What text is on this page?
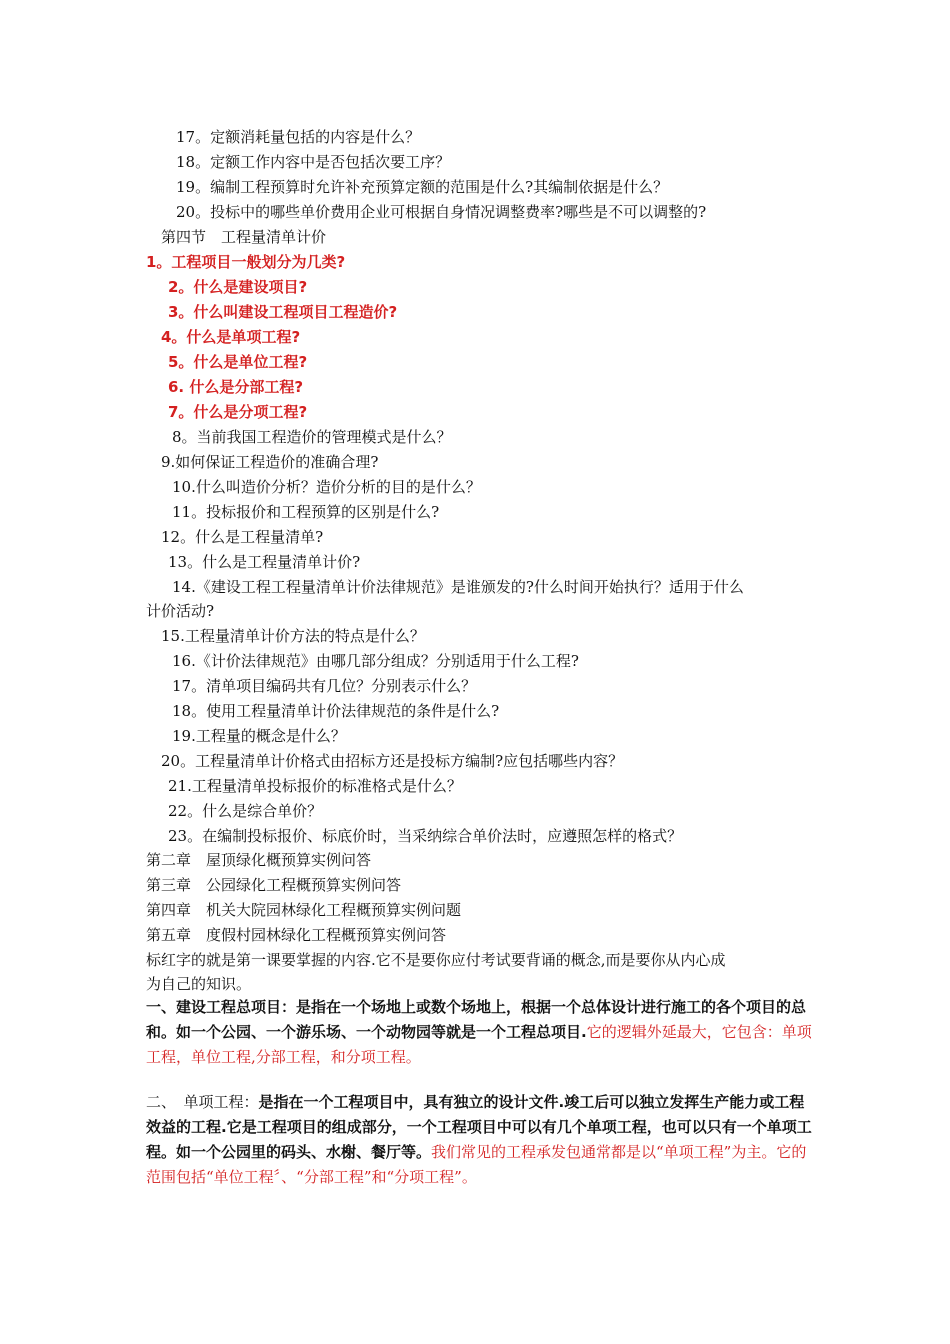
17。定额消耗量包括的内容是什么？
18。定额工作内容中是否包括次要工序？
19。编制工程预算时允许补充预算定额的范围是什么?其编制依据是什么？
20。投标中的哪些单价费用企业可根据自身情况调整费率?哪些是不可以调整的?
第四节　工程量清单计价
1。工程项目一般划分为几类?
2。什么是建设项目?
3。什么叫建设工程项目工程造价?
4。什么是单项工程?
5。什么是单位工程?
6. 什么是分部工程?
7。什么是分项工程?
8。当前我国工程造价的管理模式是什么？
9.如何保证工程造价的准确合理?
10.什么叫造价分析？造价分析的目的是什么？
11。投标报价和工程预算的区别是什么?
12。什么是工程量清单?
13。什么是工程量清单计价?
14.《建设工程工程量清单计价法律规范》是谁颁发的?什么时间开始执行？适用于什么
计价活动?
15.工程量清单计价方法的特点是什么？
16.《计价法律规范》由哪几部分组成？分别适用于什么工程?
17。清单项目编码共有几位？分别表示什么？
18。使用工程量清单计价法律规范的条件是什么?
19.工程量的概念是什么？
20。工程量清单计价格式由招标方还是投标方编制?应包括哪些内容？
21.工程量清单投标报价的标准格式是什么？
22。什么是综合单价？
23。在编制投标报价、标底价时，当采纳综合单价法时，应遵照怎样的格式？
第二章　屋顶绿化概预算实例问答
第三章　公园绿化工程概预算实例问答
第四章　机关大院园林绿化工程概预算实例问题
第五章　度假村园林绿化工程概预算实例问答
标红字的就是第一课要掌握的内容.它不是要你应付考试要背诵的概念,而是要你从内心成
为自己的知识。
一、建设工程总项目：是指在一个场地上或数个场地上，根据一个总体设计进行施工的各个项目的总和。如一个公园、一个游乐场、一个动物园等就是一个工程总项目.它的逻辑外延最大，它包含：单项工程，单位工程,分部工程，和分项工程。
二、　单项工程：是指在一个工程项目中，具有独立的设计文件.竣工后可以独立发挥生产能力或工程效益的工程.它是工程项目的组成部分，一个工程项目中可以有几个单项工程，也可以只有一个单项工程。如一个公园里的码头、水榭、餐厅等。我们常见的工程承发包通常都是以“单项工程”为主。它的范围包括“单位工程〞、“分部工程”和“分项工程”。
